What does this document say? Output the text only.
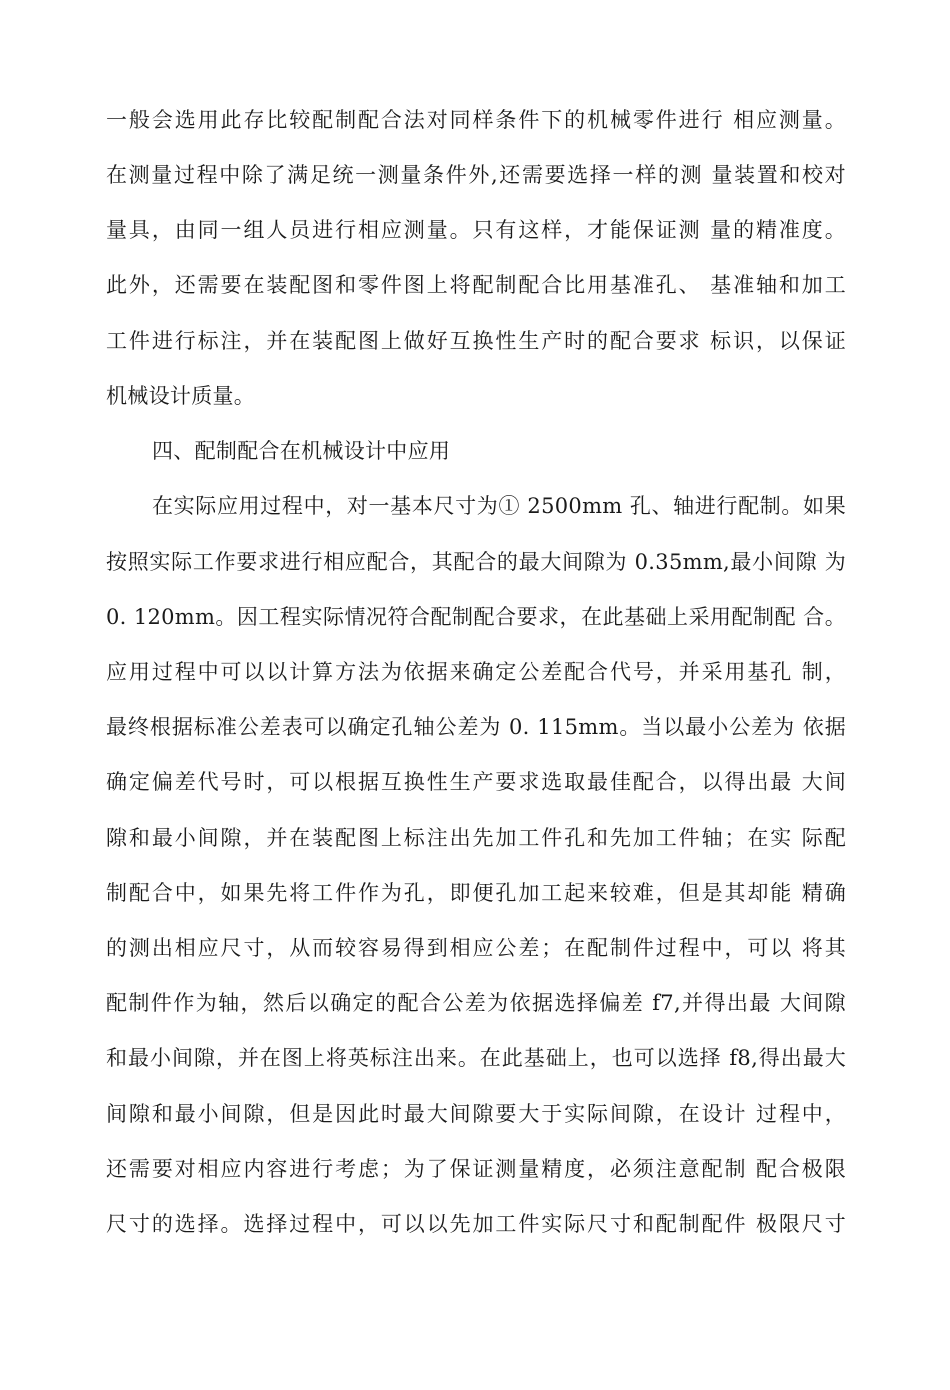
一般会选用此存比较配制配合法对同样条件下的机械零件进行 相应测量。
在测量过程中除了满足统一测量条件外,还需要选择一样的测 量装置和校对
量具，由同一组人员进行相应测量。只有这样，才能保证测 量的精准度。
此外，还需要在装配图和零件图上将配制配合比用基准孔、 基准轴和加工
工件进行标注，并在装配图上做好互换性生产时的配合要求 标识，以保证
机械设计质量。
四、配制配合在机械设计中应用
在实际应用过程中，对一基本尺寸为① 2500mm 孔、轴进行配制。如果
按照实际工作要求进行相应配合，其配合的最大间隙为 0.35mm,最小间隙 为
0. 120mm。因工程实际情况符合配制配合要求，在此基础上采用配制配 合。
应用过程中可以以计算方法为依据来确定公差配合代号，并采用基孔 制，
最终根据标准公差表可以确定孔轴公差为 0. 115mm。当以最小公差为 依据
确定偏差代号时，可以根据互换性生产要求选取最佳配合，以得出最 大间
隙和最小间隙，并在装配图上标注出先加工件孔和先加工件轴；在实 际配
制配合中，如果先将工件作为孔，即便孔加工起来较难，但是其却能 精确
的测出相应尺寸，从而较容易得到相应公差；在配制件过程中，可以 将其
配制件作为轴，然后以确定的配合公差为依据选择偏差 f7,并得出最 大间隙
和最小间隙，并在图上将英标注出来。在此基础上，也可以选择 f8,得出最大
间隙和最小间隙，但是因此时最大间隙要大于实际间隙，在设计 过程中，
还需要对相应内容进行考虑；为了保证测量精度，必须注意配制 配合极限
尺寸的选择。选择过程中，可以以先加工件实际尺寸和配制配件 极限尺寸
